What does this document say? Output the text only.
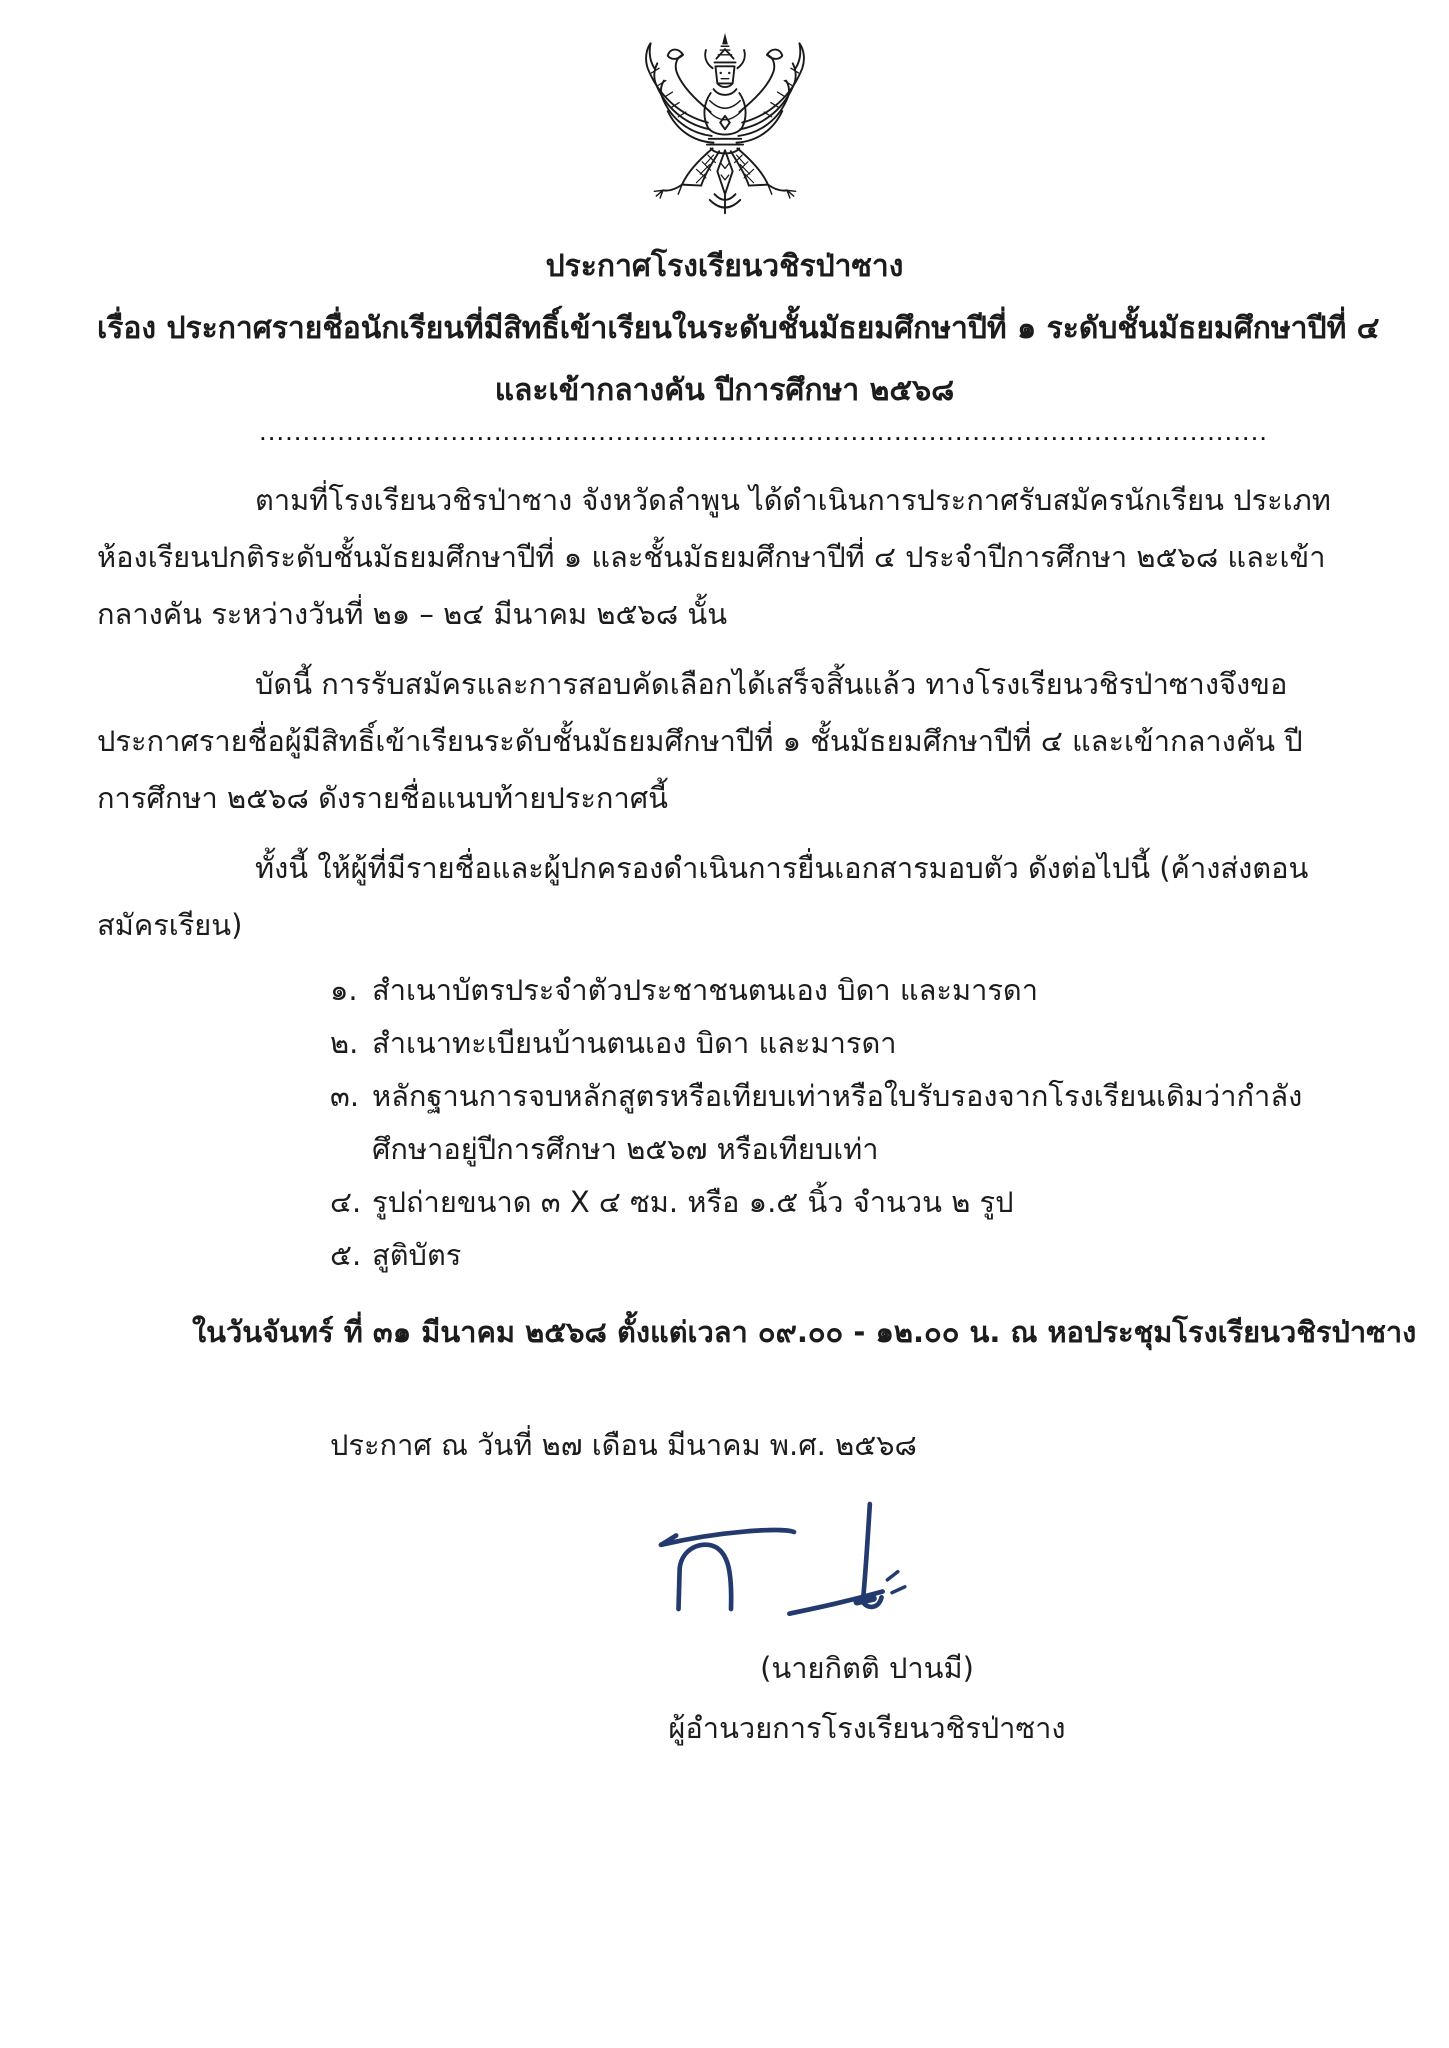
ประกาศโรงเรียนวชิรป่าซาง
เรื่อง ประกาศรายชื่อนักเรียนที่มีสิทธิ์เข้าเรียนในระดับชั้นมัธยมศึกษาปีที่ ๑ ระดับชั้นมัธยมศึกษาปีที่ ๔
และเข้ากลางคัน ปีการศึกษา ๒๕๖๘
....................................................................................................................

ตามที่โรงเรียนวชิรป่าซาง จังหวัดลำพูน ได้ดำเนินการประกาศรับสมัครนักเรียน ประเภทห้องเรียนปกติระดับชั้นมัธยมศึกษาปีที่ ๑ และชั้นมัธยมศึกษาปีที่ ๔ ประจำปีการศึกษา ๒๕๖๘ และเข้ากลางคัน ระหว่างวันที่ ๒๑ – ๒๔ มีนาคม ๒๕๖๘ นั้น

บัดนี้ การรับสมัครและการสอบคัดเลือกได้เสร็จสิ้นแล้ว ทางโรงเรียนวชิรป่าซางจึงขอประกาศรายชื่อผู้มีสิทธิ์เข้าเรียนระดับชั้นมัธยมศึกษาปีที่ ๑ ชั้นมัธยมศึกษาปีที่ ๔ และเข้ากลางคัน ปีการศึกษา ๒๕๖๘ ดังรายชื่อแนบท้ายประกาศนี้

ทั้งนี้ ให้ผู้ที่มีรายชื่อและผู้ปกครองดำเนินการยื่นเอกสารมอบตัว ดังต่อไปนี้ (ค้างส่งตอนสมัครเรียน)

๑. สำเนาบัตรประจำตัวประชาชนตนเอง บิดา และมารดา
๒. สำเนาทะเบียนบ้านตนเอง บิดา และมารดา
๓. หลักฐานการจบหลักสูตรหรือเทียบเท่าหรือใบรับรองจากโรงเรียนเดิมว่ากำลังศึกษาอยู่ปีการศึกษา ๒๕๖๗ หรือเทียบเท่า
๔. รูปถ่ายขนาด ๓ X ๔ ซม. หรือ ๑.๕ นิ้ว จำนวน ๒ รูป
๕. สูติบัตร

ในวันจันทร์ ที่ ๓๑ มีนาคม ๒๕๖๘ ตั้งแต่เวลา ๐๙.๐๐ - ๑๒.๐๐ น. ณ หอประชุมโรงเรียนวชิรป่าซาง

ประกาศ ณ วันที่ ๒๗ เดือน มีนาคม พ.ศ. ๒๕๖๘

(นายกิตติ ปานมี)
ผู้อำนวยการโรงเรียนวชิรป่าซาง
